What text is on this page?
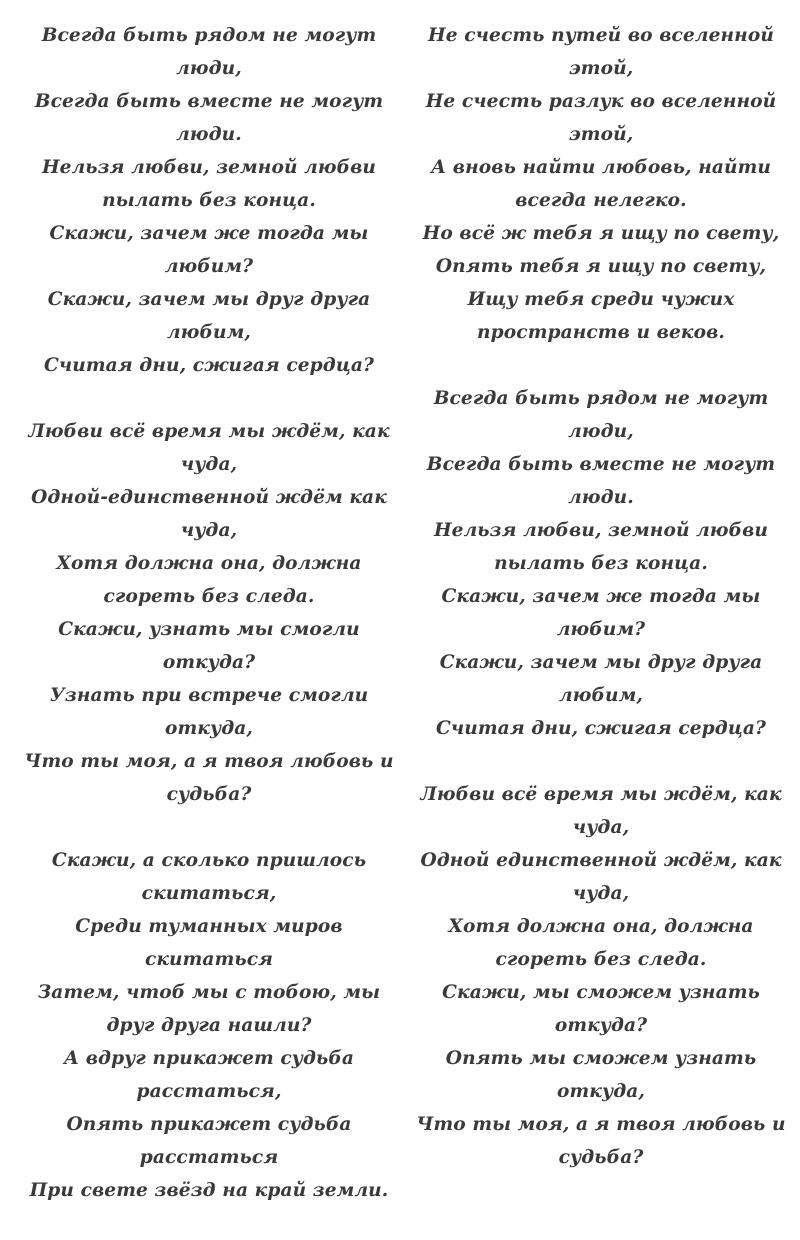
Всегда быть рядом не могут люди,
Всегда быть вместе не могут люди.
Нельзя любви, земной любви пылать без конца.
Скажи, зачем же тогда мы любим?
Скажи, зачем мы друг друга любим,
Считая дни, сжигая сердца?
Любви всё время мы ждём, как чуда,
Одной-единственной ждём как чуда,
Хотя должна она, должна сгореть без следа.
Скажи, узнать мы смогли откуда?
Узнать при встрече смогли откуда,
Что ты моя, а я твоя любовь и судьба?
Скажи, а сколько пришлось скитаться,
Среди туманных миров скитаться
Затем, чтоб мы с тобою, мы друг друга нашли?
А вдруг прикажет судьба расстаться,
Опять прикажет судьба расстаться
При свете звёзд на край земли.
Не счесть путей во вселенной этой,
Не счесть разлук во вселенной этой,
А вновь найти любовь, найти всегда нелегко.
Но всё ж тебя я ищу по свету,
Опять тебя я ищу по свету,
Ищу тебя среди чужих пространств и веков.
Всегда быть рядом не могут люди,
Всегда быть вместе не могут люди.
Нельзя любви, земной любви пылать без конца.
Скажи, зачем же тогда мы любим?
Скажи, зачем мы друг друга любим,
Считая дни, сжигая сердца?
Любви всё время мы ждём, как чуда,
Одной единственной ждём, как чуда,
Хотя должна она, должна сгореть без следа.
Скажи, мы сможем узнать откуда?
Опять мы сможем узнать откуда,
Что ты моя, а я твоя любовь и судьба?
